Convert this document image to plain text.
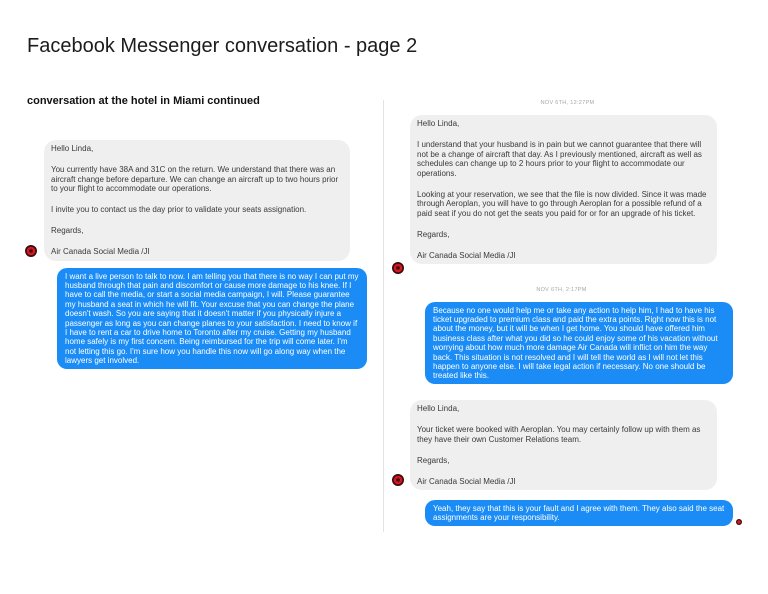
Facebook Messenger conversation - page 2
conversation at the hotel in Miami continued

Hello Linda,

You currently have 38A and 31C on the return. We understand that there was an aircraft change before departure. We can change an aircraft up to two hours prior to your flight to accommodate our operations.

I invite you to contact us the day prior to validate your seats assignation.

Regards,

Air Canada Social Media /JI

I want a live person to talk to now. I am telling you that there is no way I can put my husband through that pain and discomfort or cause more damage to his knee. If I have to call the media, or start a social media campaign, I will. Please guarantee my husband a seat in which he will fit. Your excuse that you can change the plane doesn't wash. So you are saying that it doesn't matter if you physically injure a passenger as long as you can change planes to your satisfaction. I need to know if I have to rent a car to drive home to Toronto after my cruise. Getting my husband home safely is my first concern. Being reimbursed for the trip will come later. I'm not letting this go. I'm sure how you handle this now will go along way when the lawyers get involved.

NOV 6TH, 12:27PM

Hello Linda,

I understand that your husband is in pain but we cannot guarantee that there will not be a change of aircraft that day. As I previously mentioned, aircraft as well as schedules can change up to 2 hours prior to your flight to accommodate our operations.

Looking at your reservation, we see that the file is now divided. Since it was made through Aeroplan, you will have to go through Aeroplan for a possible refund of a paid seat if you do not get the seats you paid for or for an upgrade of his ticket.

Regards,

Air Canada Social Media /JI

NOV 6TH, 2:17PM

Because no one would help me or take any action to help him, I had to have his ticket upgraded to premium class and paid the extra points. Right now this is not about the money, but it will be when I get home. You should have offered him business class after what you did so he could enjoy some of his vacation without worrying about how much more damage Air Canada will inflict on him the way back. This situation is not resolved and I will tell the world as I will not let this happen to anyone else. I will take legal action if necessary. No one should be treated like this.

Hello Linda,

Your ticket were booked with Aeroplan. You may certainly follow up with them as they have their own Customer Relations team.

Regards,

Air Canada Social Media /JI

Yeah, they say that this is your fault and I agree with them. They also said the seat assignments are your responsibility.
